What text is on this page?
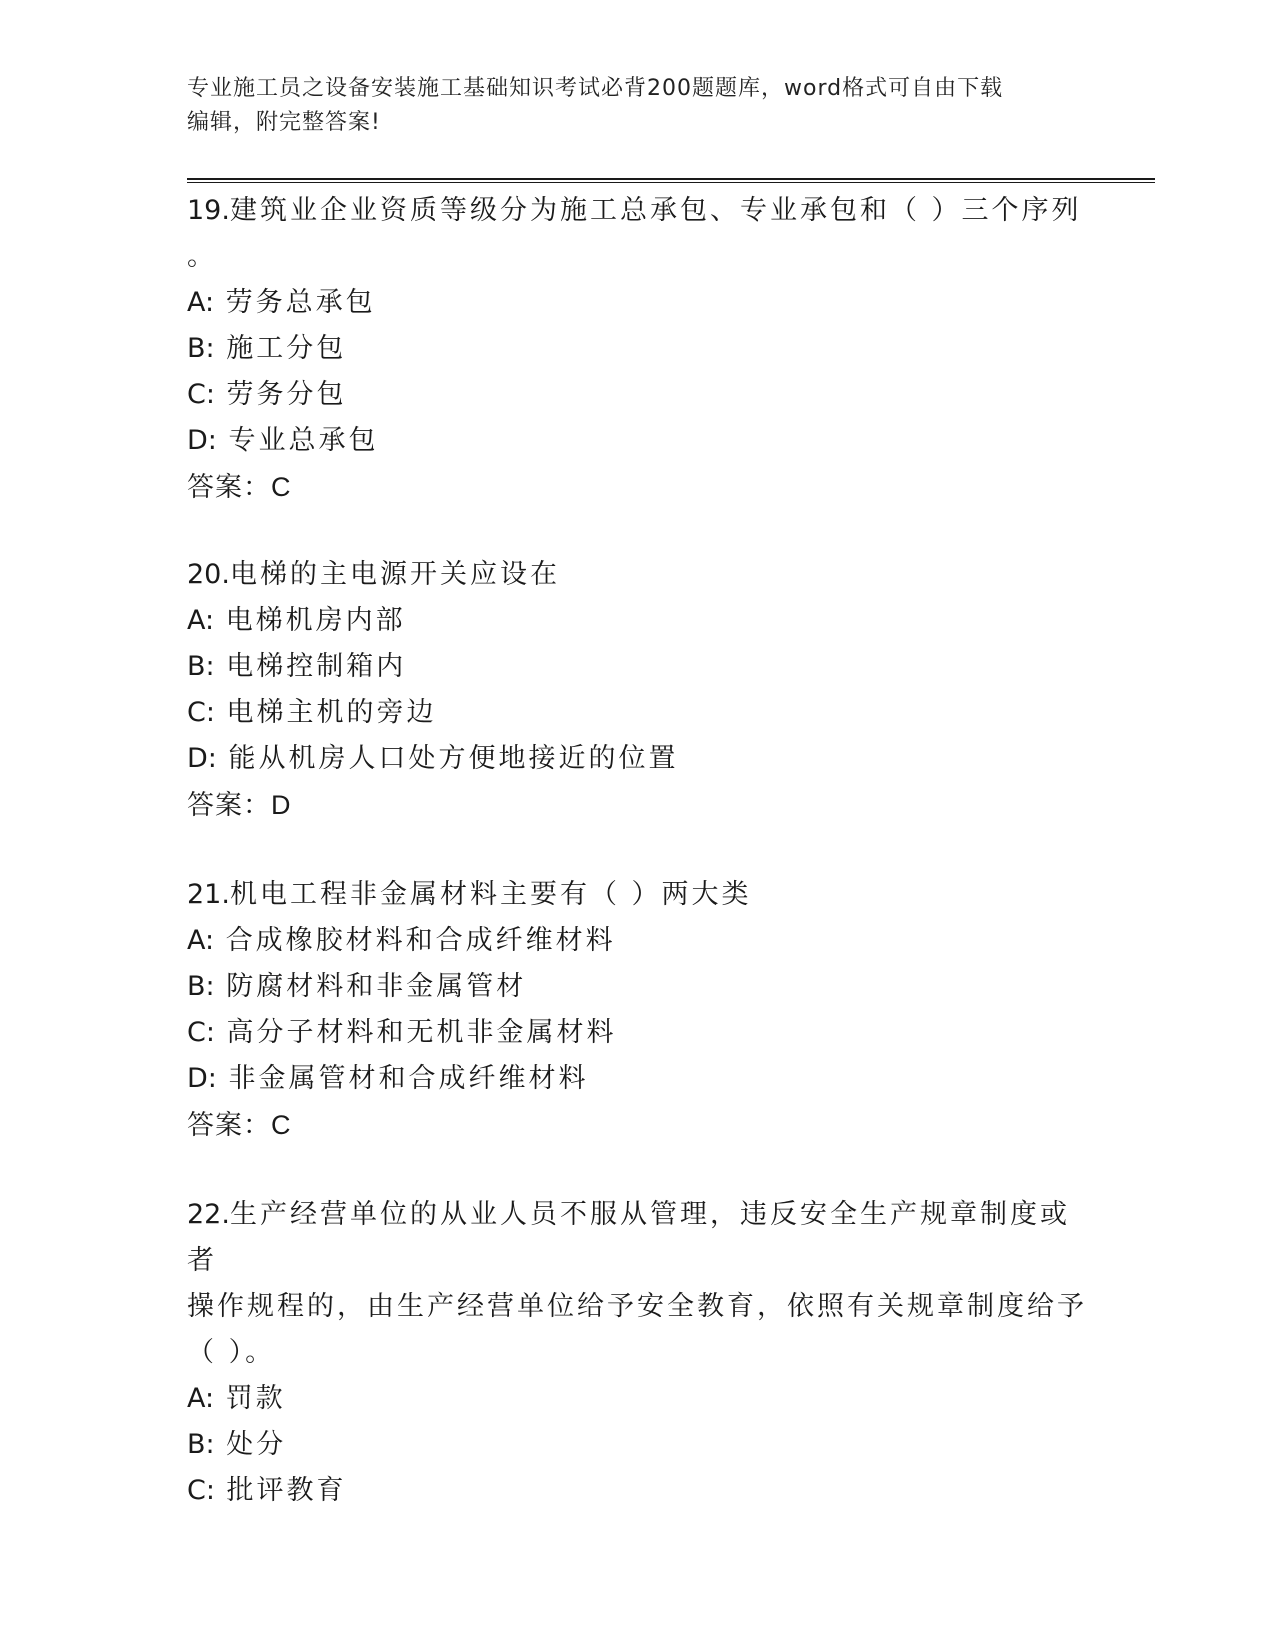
专业施工员之设备安装施工基础知识考试必背200题题库，word格式可自由下载
编辑，附完整答案!

19.建筑业企业资质等级分为施工总承包、专业承包和（ ）三个序列

。

A: 劳务总承包

B: 施工分包

C: 劳务分包

D: 专业总承包

答案：C

20.电梯的主电源开关应设在

A: 电梯机房内部

B: 电梯控制箱内

C: 电梯主机的旁边

D: 能从机房人口处方便地接近的位置

答案：D

21.机电工程非金属材料主要有（ ）两大类

A: 合成橡胶材料和合成纤维材料

B: 防腐材料和非金属管材

C: 高分子材料和无机非金属材料

D: 非金属管材和合成纤维材料

答案：C

22.生产经营单位的从业人员不服从管理，违反安全生产规章制度或者

操作规程的，由生产经营单位给予安全教育，依照有关规章制度给予

（ ）。

A: 罚款

B: 处分

C: 批评教育
